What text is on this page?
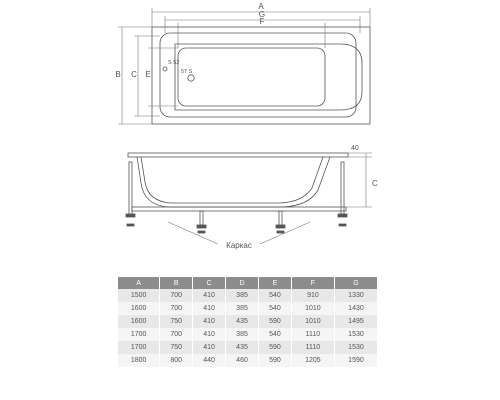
A
G
F
B C E
S 52
57 S
40
C
Каркас
A	B	C	D	E	F	G
1500	700	410	385	540	910	1330
1600	700	410	385	540	1010	1430
1600	750	410	435	590	1010	1495
1700	700	410	385	540	1110	1530
1700	750	410	435	590	1110	1530
1800	800	440	460	590	1205	1590
